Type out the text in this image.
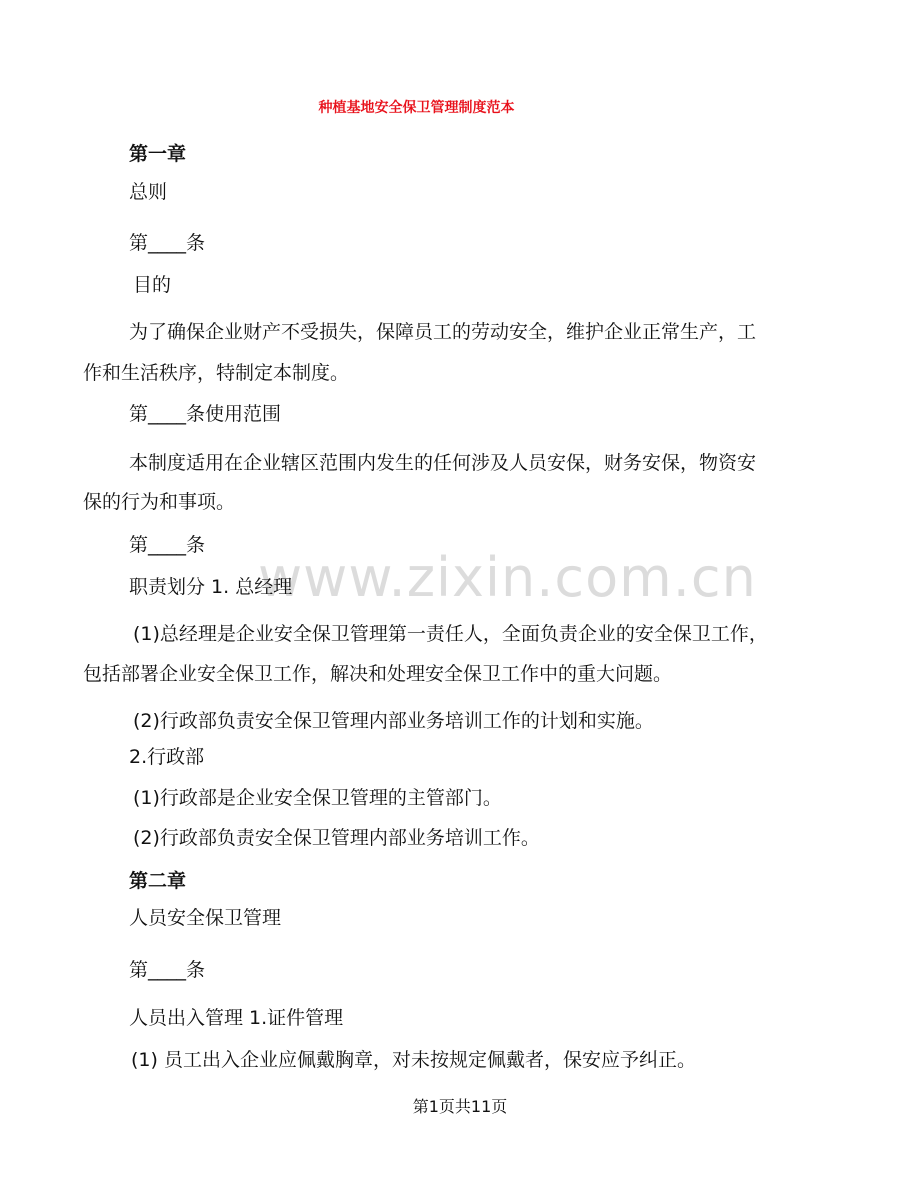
种植基地安全保卫管理制度范本
www.zixin.com.cn
第一章
总则
第____条
目的
为了确保企业财产不受损失，保障员工的劳动安全，维护企业正常生产，工
作和生活秩序，特制定本制度。
第____条使用范围
本制度适用在企业辖区范围内发生的任何涉及人员安保，财务安保，物资安
保的行为和事项。
第____条
职责划分 1. 总经理
(1)总经理是企业安全保卫管理第一责任人，全面负责企业的安全保卫工作，
包括部署企业安全保卫工作，解决和处理安全保卫工作中的重大问题。
(2)行政部负责安全保卫管理内部业务培训工作的计划和实施。
2.行政部
(1)行政部是企业安全保卫管理的主管部门。
(2)行政部负责安全保卫管理内部业务培训工作。
第二章
人员安全保卫管理
第____条
人员出入管理 1.证件管理
(1) 员工出入企业应佩戴胸章，对未按规定佩戴者，保安应予纠正。
第1页共11页
